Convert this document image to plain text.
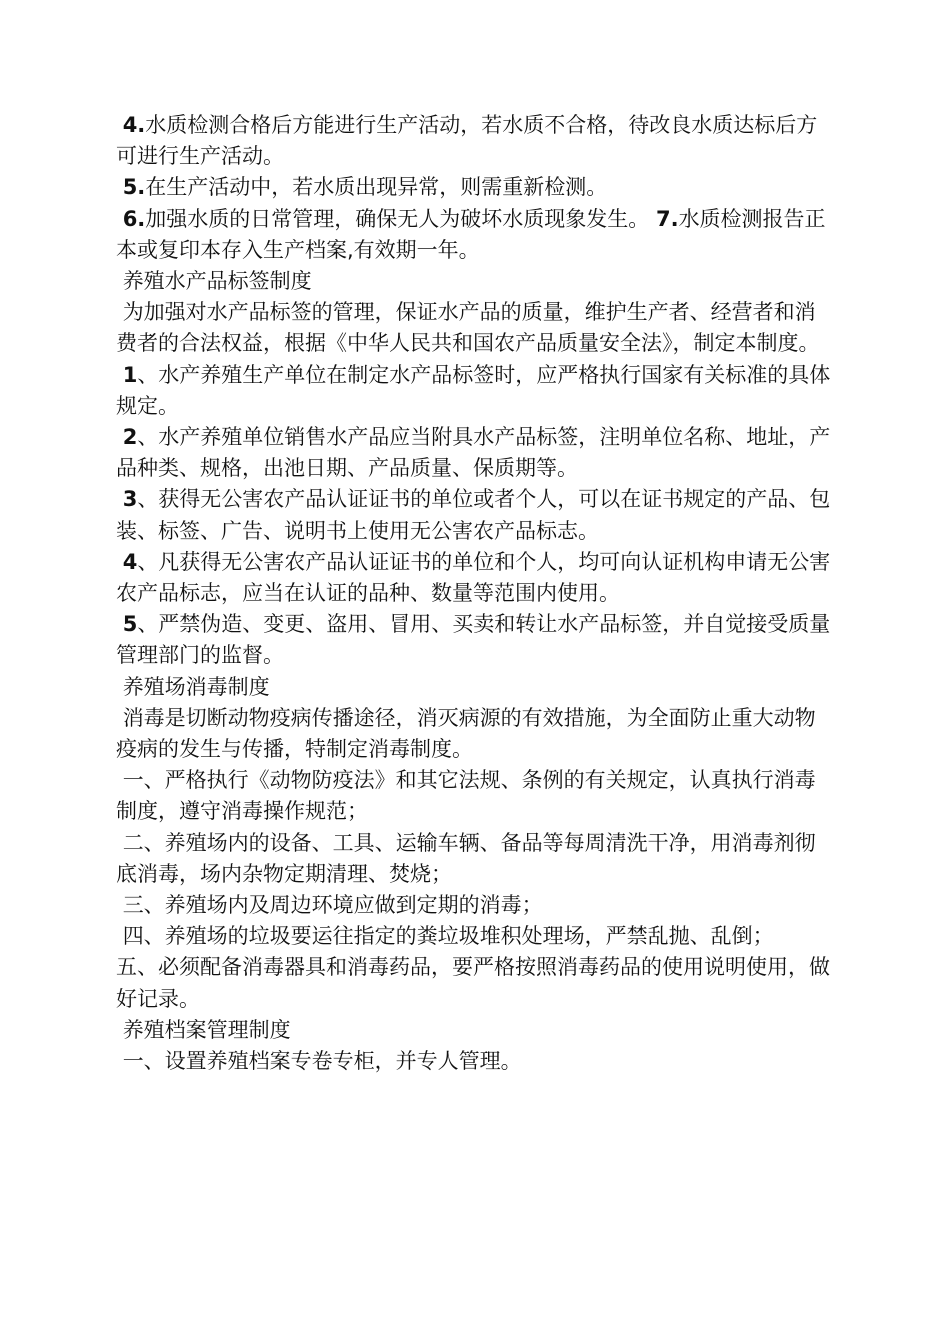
4.水质检测合格后方能进行生产活动，若水质不合格，待改良水质达标后方可进行生产活动。

5.在生产活动中，若水质出现异常，则需重新检测。

6.加强水质的日常管理，确保无人为破坏水质现象发生。 7.水质检测报告正本或复印本存入生产档案,有效期一年。

养殖水产品标签制度

为加强对水产品标签的管理，保证水产品的质量，维护生产者、经营者和消费者的合法权益，根据《中华人民共和国农产品质量安全法》，制定本制度。

1、水产养殖生产单位在制定水产品标签时，应严格执行国家有关标准的具体规定。

2、水产养殖单位销售水产品应当附具水产品标签，注明单位名称、地址，产品种类、规格，出池日期、产品质量、保质期等。

3、获得无公害农产品认证证书的单位或者个人，可以在证书规定的产品、包装、标签、广告、说明书上使用无公害农产品标志。

4、凡获得无公害农产品认证证书的单位和个人，均可向认证机构申请无公害农产品标志，应当在认证的品种、数量等范围内使用。

5、严禁伪造、变更、盗用、冒用、买卖和转让水产品标签，并自觉接受质量管理部门的监督。

养殖场消毒制度

消毒是切断动物疫病传播途径，消灭病源的有效措施，为全面防止重大动物疫病的发生与传播，特制定消毒制度。

一、严格执行《动物防疫法》和其它法规、条例的有关规定，认真执行消毒制度，遵守消毒操作规范；

二、养殖场内的设备、工具、运输车辆、备品等每周清洗干净，用消毒剂彻底消毒，场内杂物定期清理、焚烧；

三、养殖场内及周边环境应做到定期的消毒；

四、养殖场的垃圾要运往指定的粪垃圾堆积处理场，严禁乱抛、乱倒；

五、必须配备消毒器具和消毒药品，要严格按照消毒药品的使用说明使用，做好记录。

养殖档案管理制度

一、设置养殖档案专卷专柜，并专人管理。
